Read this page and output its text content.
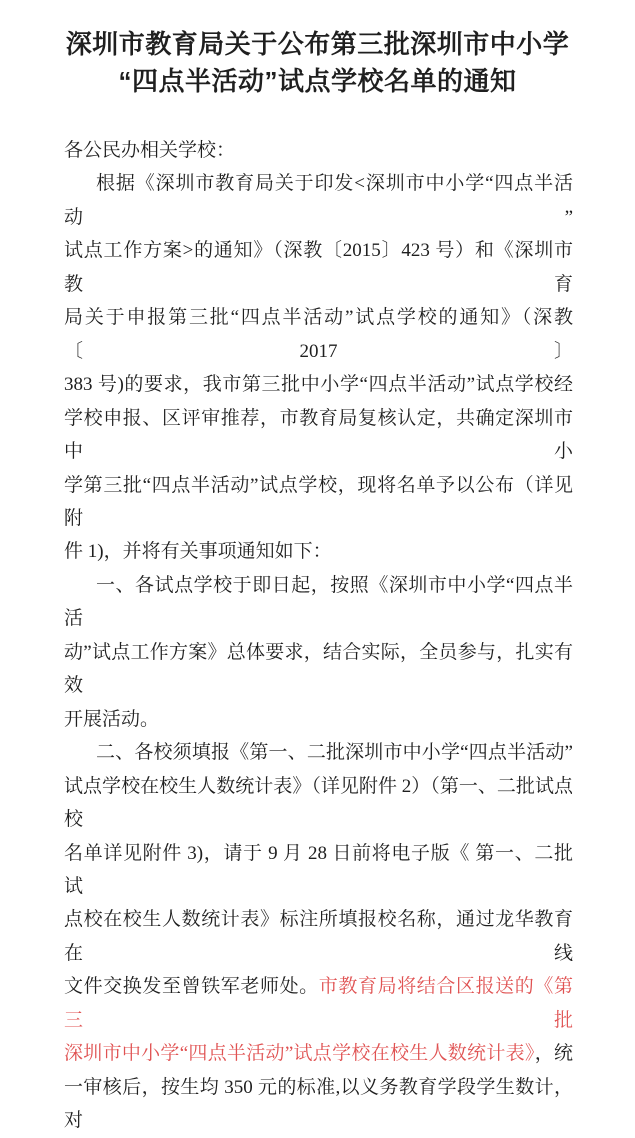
深圳市教育局关于公布第三批深圳市中小学
“四点半活动”试点学校名单的通知
各公民办相关学校：
根据《深圳市教育局关于印发<深圳市中小学“四点半活动”
试点工作方案>的通知》（深教〔2015〕423 号）和《深圳市教育
局关于申报第三批“四点半活动”试点学校的通知》（深教〔2017〕
383 号)的要求，我市第三批中小学“四点半活动”试点学校经
学校申报、区评审推荐，市教育局复核认定，共确定深圳市中小
学第三批“四点半活动”试点学校，现将名单予以公布（详见附
件 1)，并将有关事项通知如下：
一、各试点学校于即日起，按照《深圳市中小学“四点半活
动”试点工作方案》总体要求，结合实际，全员参与，扎实有效
开展活动。
二、各校须填报《第一、二批深圳市中小学“四点半活动”
试点学校在校生人数统计表》（详见附件 2）（第一、二批试点校
名单详见附件 3)，请于 9 月 28 日前将电子版《 第一、二批试
点校在校生人数统计表》标注所填报校名称，通过龙华教育在线
文件交换发至曾铁军老师处。市教育局将结合区报送的《第三批
深圳市中小学“四点半活动”试点学校在校生人数统计表》，统
一审核后，按生均 350 元的标准,以义务教育学段学生数计，对
